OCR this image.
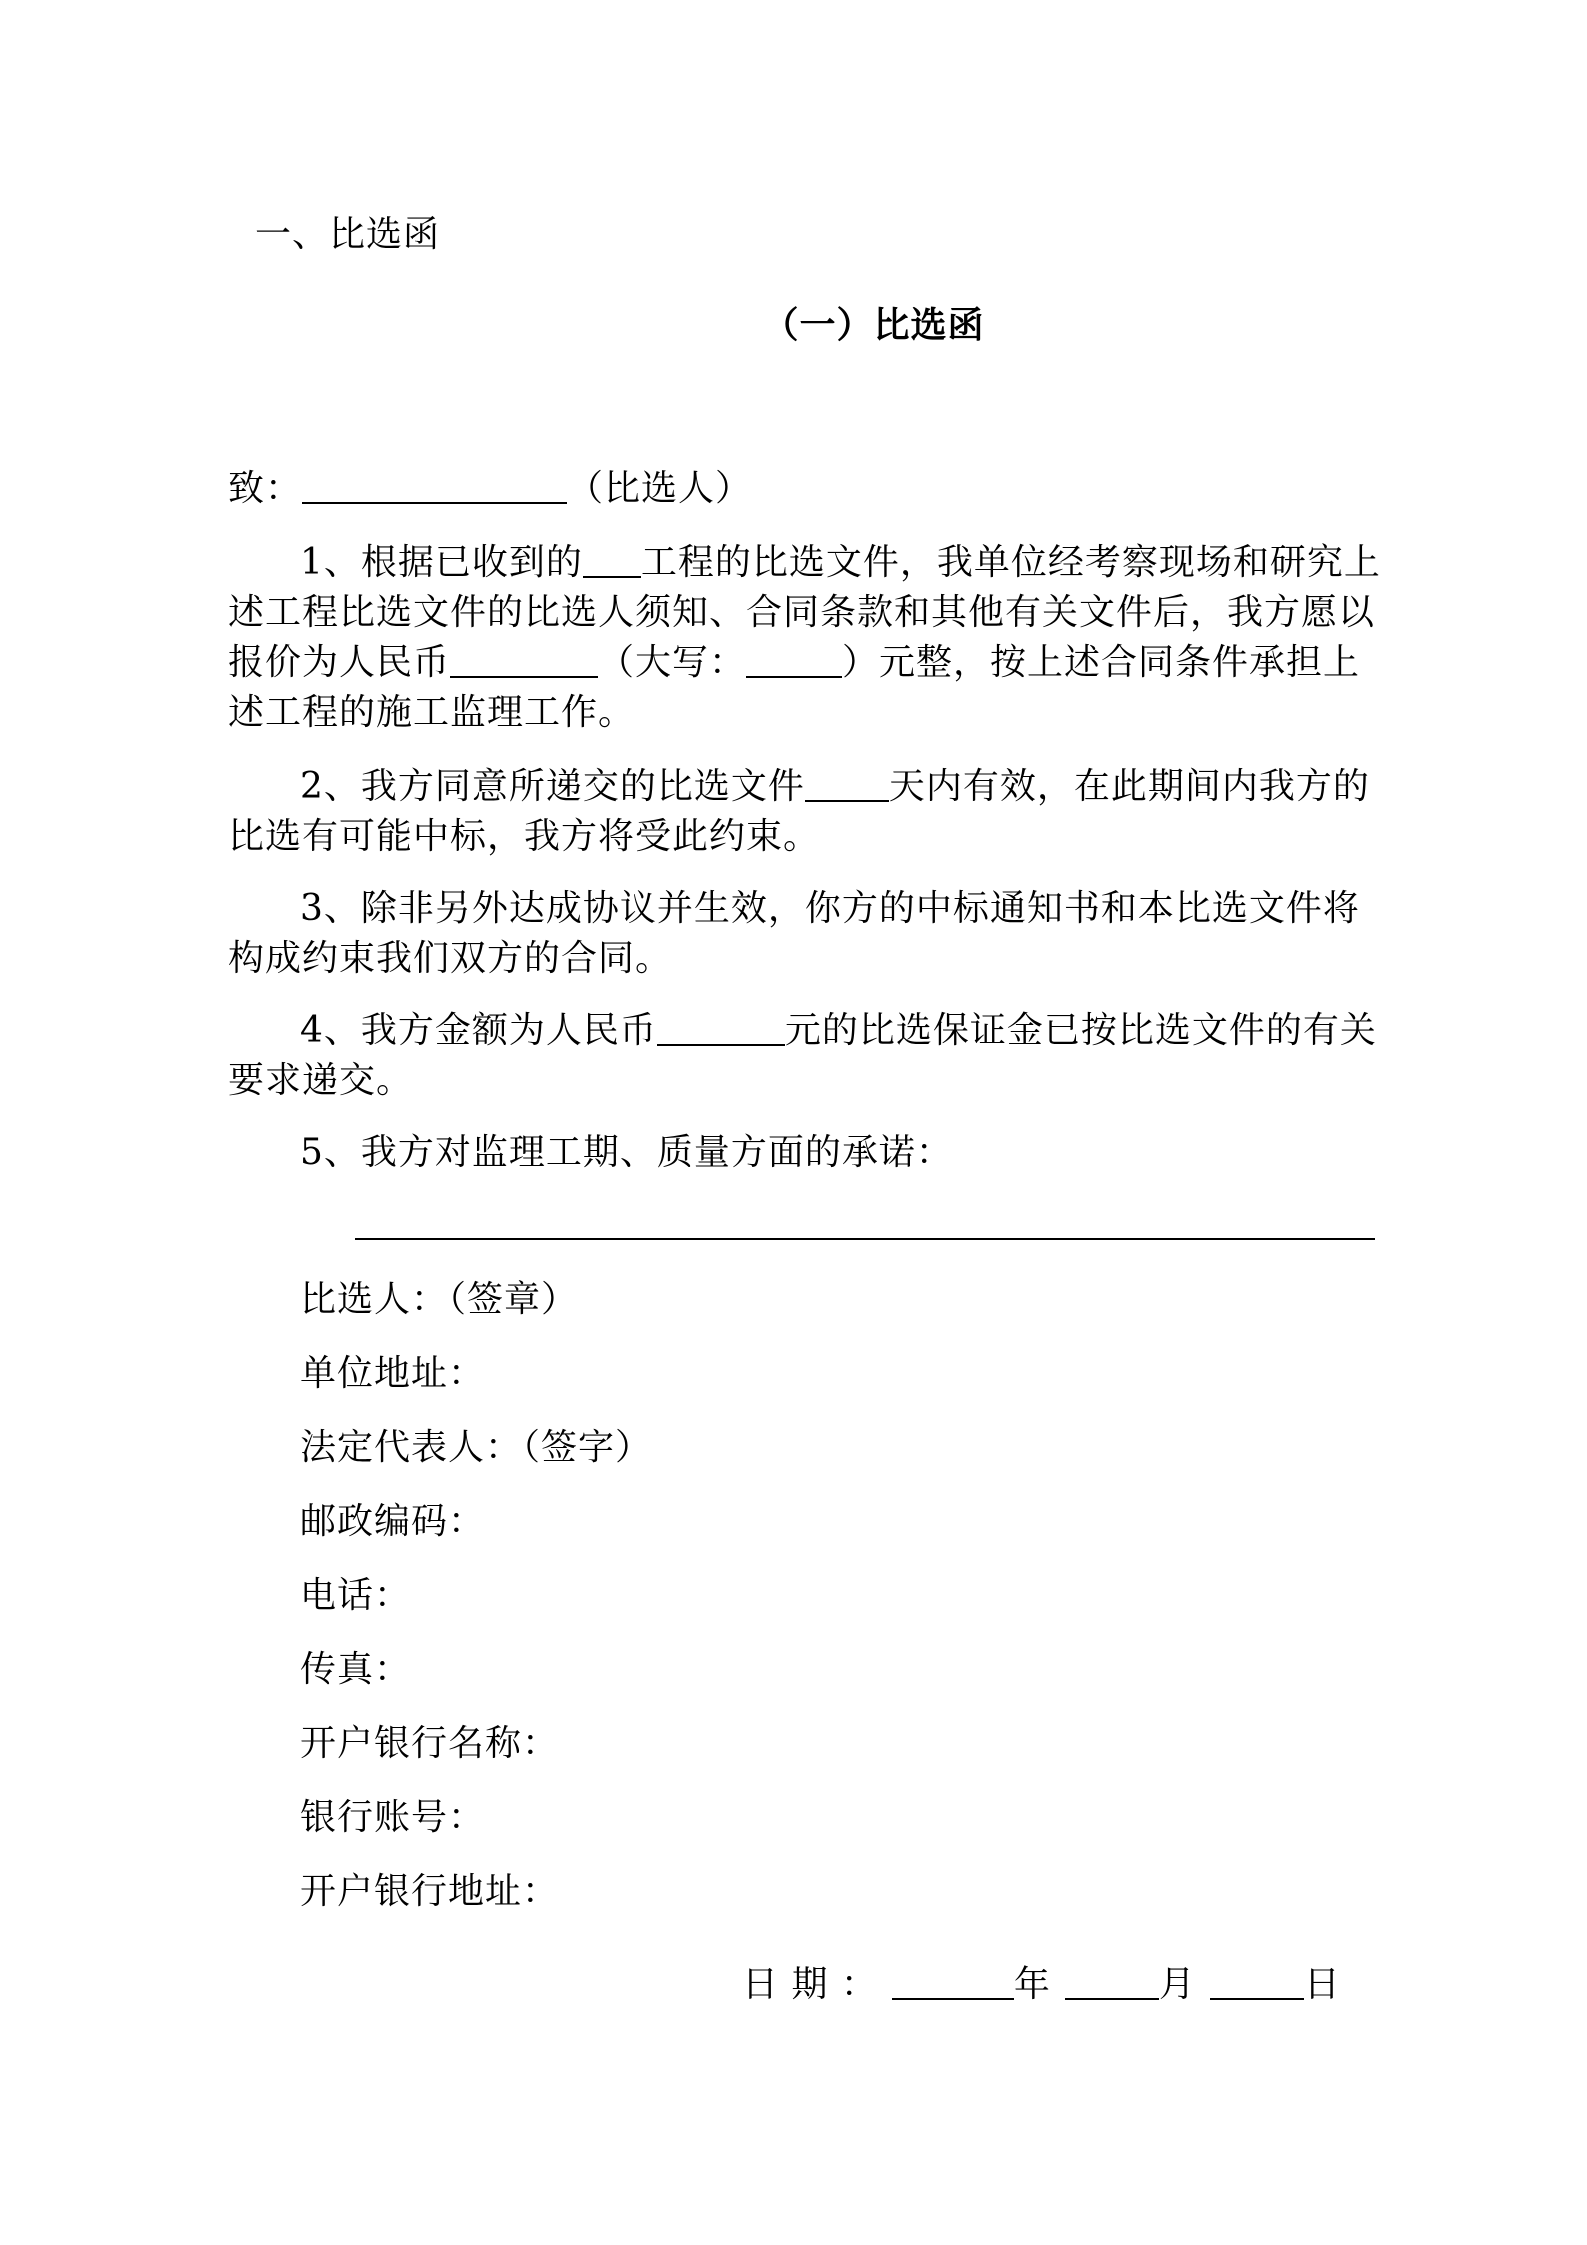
一、比选函
（一）比选函
致：	（比选人）
1、根据已收到的 工程的比选文件，我单位经考察现场和研究上
述工程比选文件的比选人须知、合同条款和其他有关文件后，我方愿以
报价为人民币	（大写：	）元整，按上述合同条件承担上
述工程的施工监理工作。
2、我方同意所递交的比选文件 天内有效，在此期间内我方的
比选有可能中标，我方将受此约束。
3、除非另外达成协议并生效，你方的中标通知书和本比选文件将
构成约束我们双方的合同。
4、我方金额为人民币	元的比选保证金已按比选文件的有关
要求递交。
5、我方对监理工期、质量方面的承诺：
比选人：（签章）
单位地址：
法定代表人：（签字）
邮政编码：
电话：
传真：
开户银行名称：
银行账号：
开户银行地址：
日 期 ：	年	月	日
